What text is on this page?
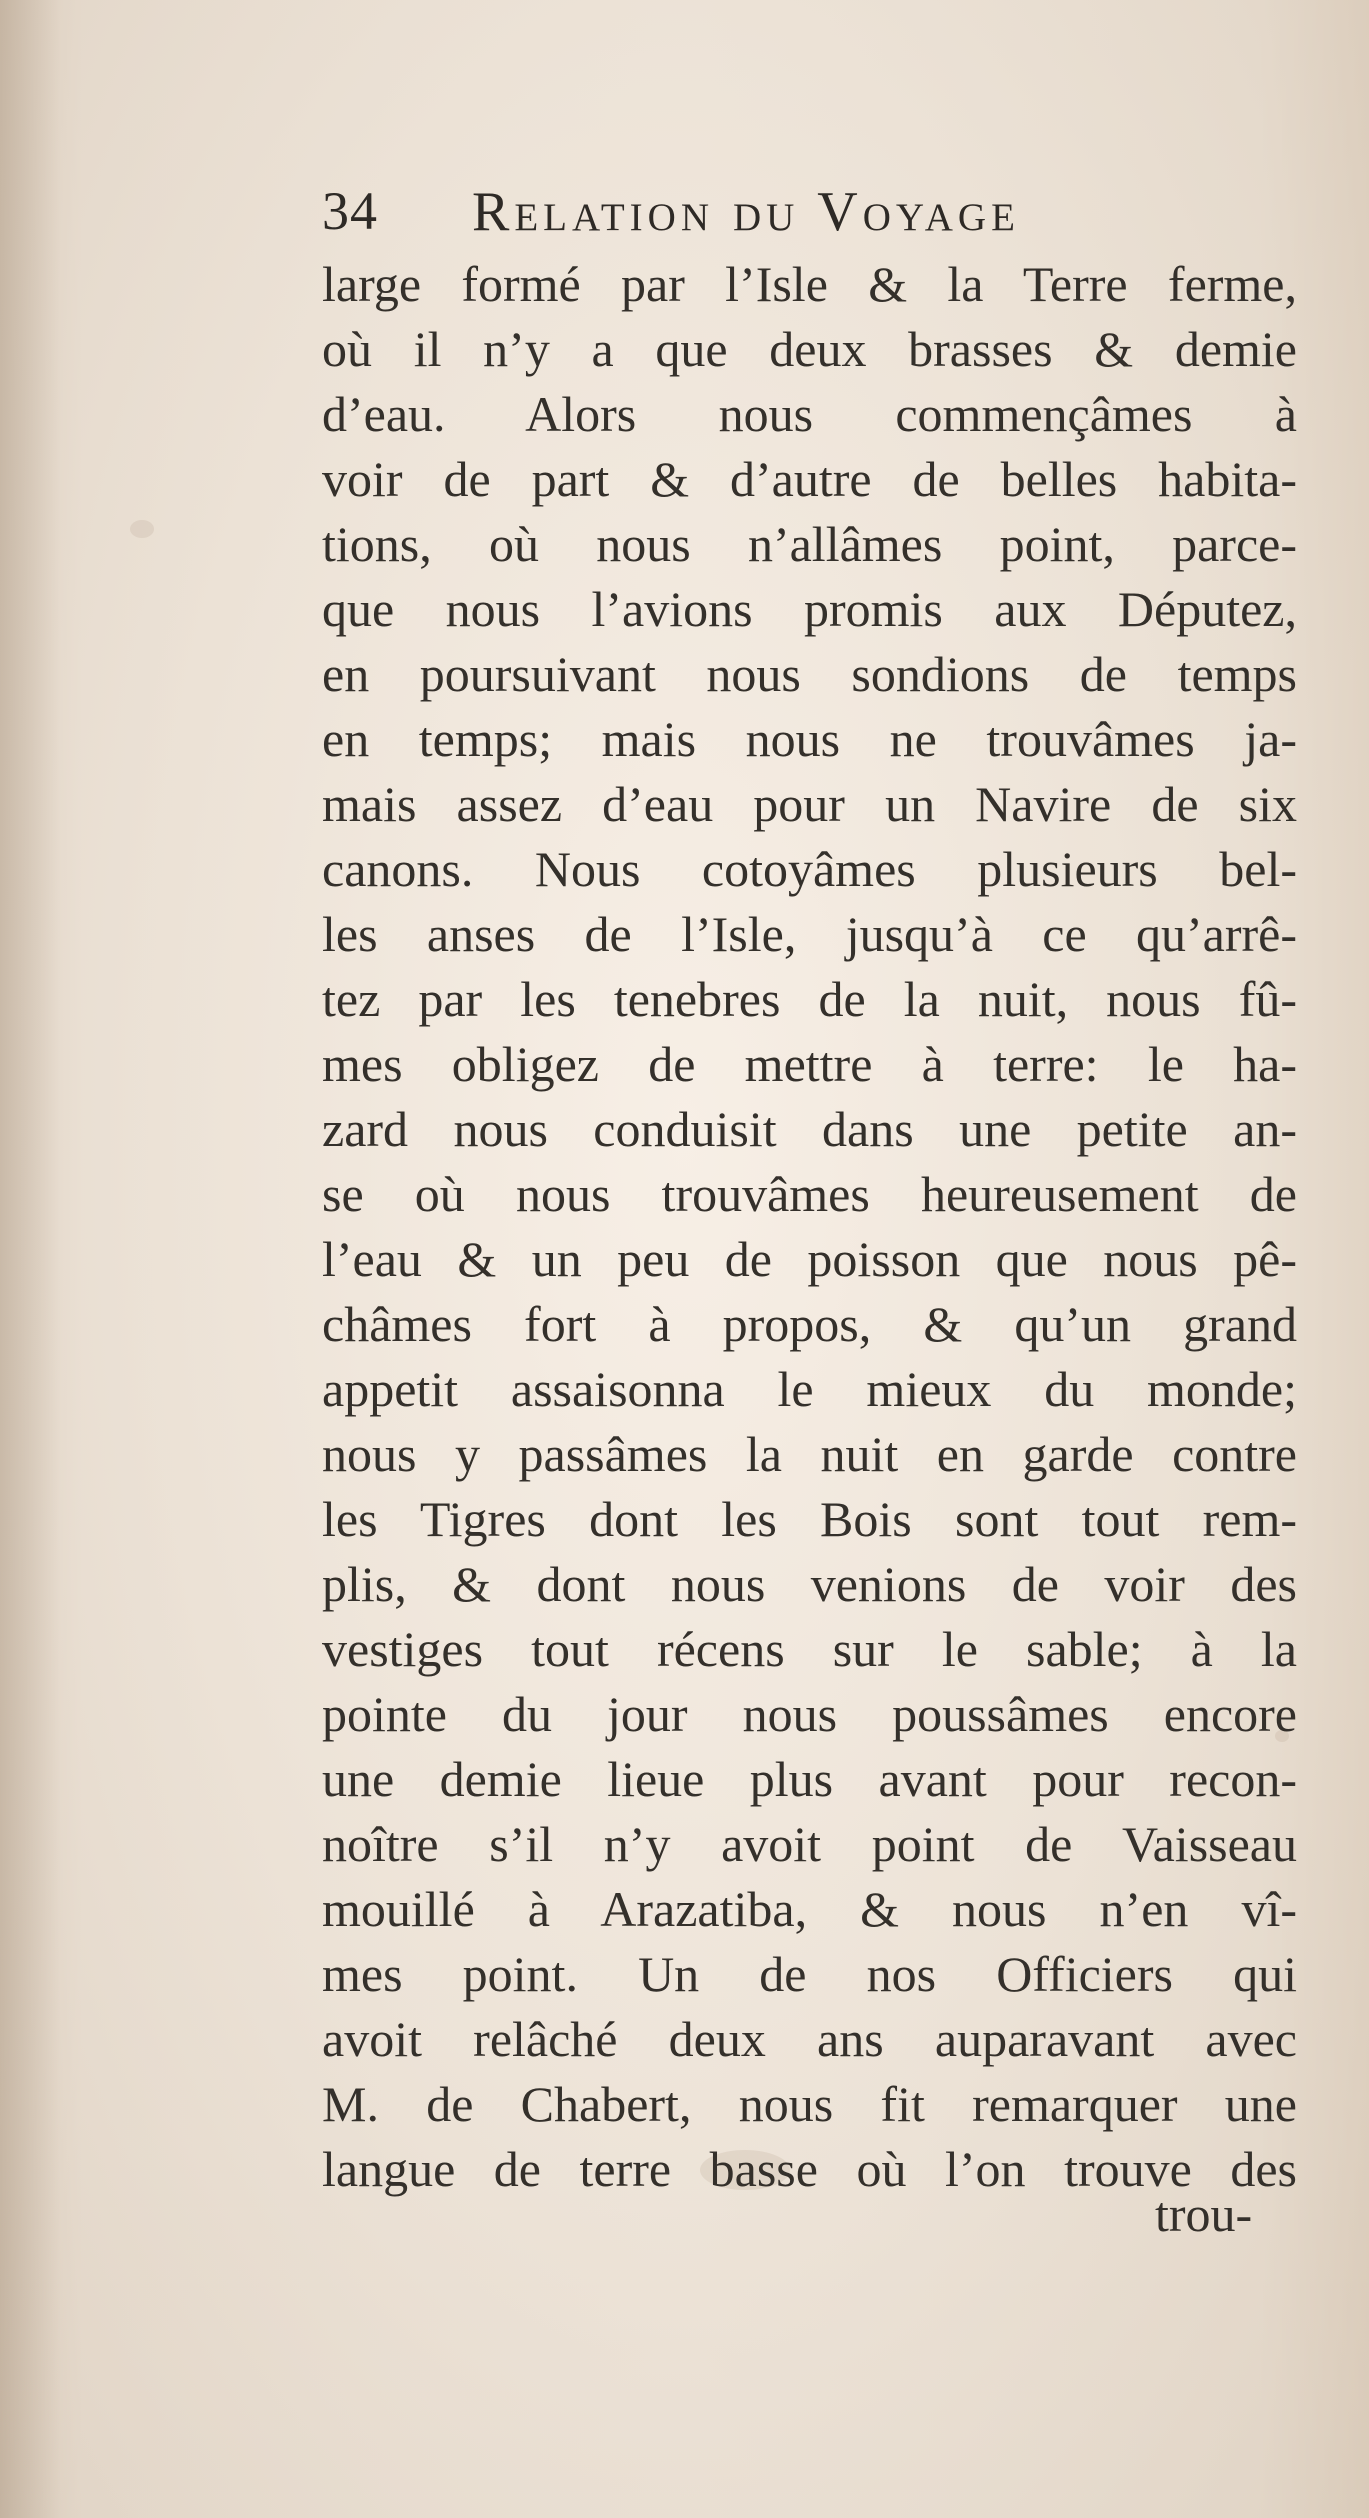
34 Relation du Voyage
large formé par l’Isle & la Terre ferme,
où il n’y a que deux brasses & demie
d’eau. Alors nous commençâmes à
voir de part & d’autre de belles habita-
tions, où nous n’allâmes point, parce-
que nous l’avions promis aux Députez,
en poursuivant nous sondions de temps
en temps; mais nous ne trouvâmes ja-
mais assez d’eau pour un Navire de six
canons. Nous cotoyâmes plusieurs bel-
les anses de l’Isle, jusqu’à ce qu’arrê-
tez par les tenebres de la nuit, nous fû-
mes obligez de mettre à terre: le ha-
zard nous conduisit dans une petite an-
se où nous trouvâmes heureusement de
l’eau & un peu de poisson que nous pê-
châmes fort à propos, & qu’un grand
appetit assaisonna le mieux du monde;
nous y passâmes la nuit en garde contre
les Tigres dont les Bois sont tout rem-
plis, & dont nous venions de voir des
vestiges tout récens sur le sable; à la
pointe du jour nous poussâmes encore
une demie lieue plus avant pour recon-
noître s’il n’y avoit point de Vaisseau
mouillé à Arazatiba, & nous n’en vî-
mes point. Un de nos Officiers qui
avoit relâché deux ans auparavant avec
M. de Chabert, nous fit remarquer une
langue de terre basse où l’on trouve des
trou-
